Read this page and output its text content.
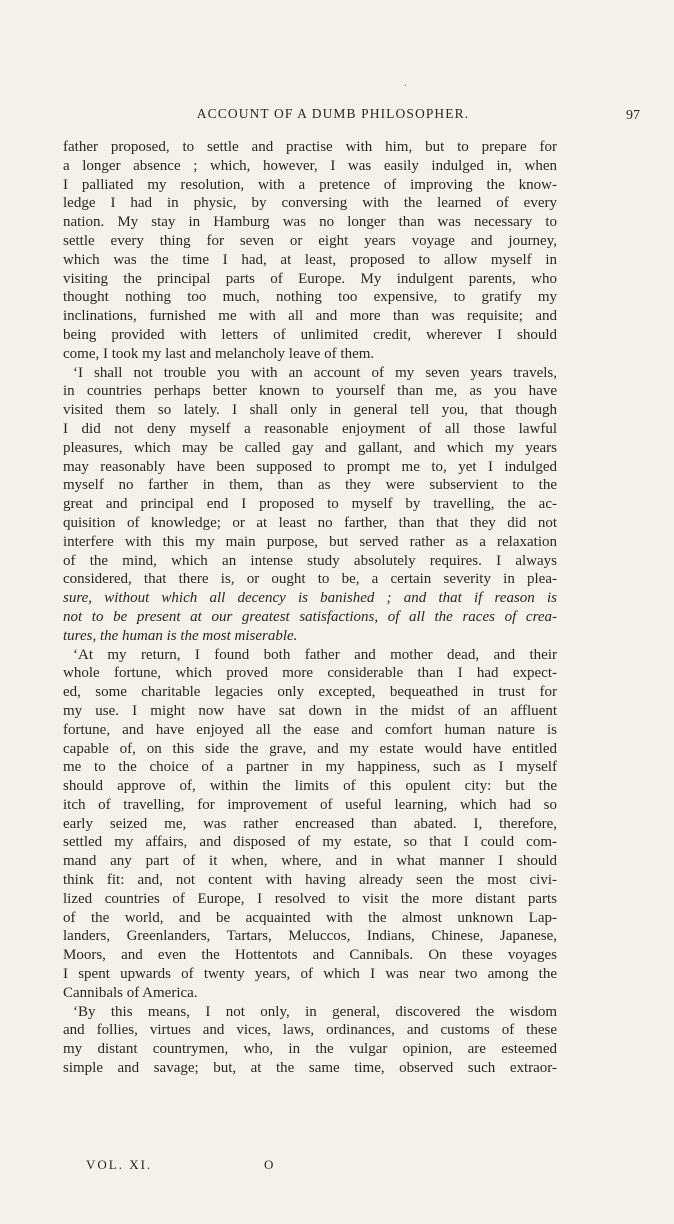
.
ACCOUNT OF A DUMB PHILOSOPHER.	97
father proposed, to settle and practise with him, but to prepare for
a longer absence ; which, however, I was easily indulged in, when
I palliated my resolution, with a pretence of improving the know-
ledge I had in physic, by conversing with the learned of every
nation. My stay in Hamburg was no longer than was necessary to
settle every thing for seven or eight years voyage and journey,
which was the time I had, at least, proposed to allow myself in
visiting the principal parts of Europe. My indulgent parents, who
thought nothing too much, nothing too expensive, to gratify my
inclinations, furnished me with all and more than was requisite; and
being provided with letters of unlimited credit, wherever I should
come, I took my last and melancholy leave of them.
‘I shall not trouble you with an account of my seven years travels,
in countries perhaps better known to yourself than me, as you have
visited them so lately. I shall only in general tell you, that though
I did not deny myself a reasonable enjoyment of all those lawful
pleasures, which may be called gay and gallant, and which my years
may reasonably have been supposed to prompt me to, yet I indulged
myself no farther in them, than as they were subservient to the
great and principal end I proposed to myself by travelling, the ac-
quisition of knowledge; or at least no farther, than that they did not
interfere with this my main purpose, but served rather as a relaxation
of the mind, which an intense study absolutely requires. I always
considered, that there is, or ought to be, a certain severity in plea-
sure, without which all decency is banished ; and that if reason is
not to be present at our greatest satisfactions, of all the races of crea-
tures, the human is the most miserable.
‘At my return, I found both father and mother dead, and their
whole fortune, which proved more considerable than I had expect-
ed, some charitable legacies only excepted, bequeathed in trust for
my use. I might now have sat down in the midst of an affluent
fortune, and have enjoyed all the ease and comfort human nature is
capable of, on this side the grave, and my estate would have entitled
me to the choice of a partner in my happiness, such as I myself
should approve of, within the limits of this opulent city: but the
itch of travelling, for improvement of useful learning, which had so
early seized me, was rather encreased than abated. I, therefore,
settled my affairs, and disposed of my estate, so that I could com-
mand any part of it when, where, and in what manner I should
think fit: and, not content with having already seen the most civi-
lized countries of Europe, I resolved to visit the more distant parts
of the world, and be acquainted with the almost unknown Lap-
landers, Greenlanders, Tartars, Meluccos, Indians, Chinese, Japanese,
Moors, and even the Hottentots and Cannibals. On these voyages
I spent upwards of twenty years, of which I was near two among the
Cannibals of America.
‘By this means, I not only, in general, discovered the wisdom
and follies, virtues and vices, laws, ordinances, and customs of these
my distant countrymen, who, in the vulgar opinion, are esteemed
simple and savage; but, at the same time, observed such extraor-
VOL. XI.	O
